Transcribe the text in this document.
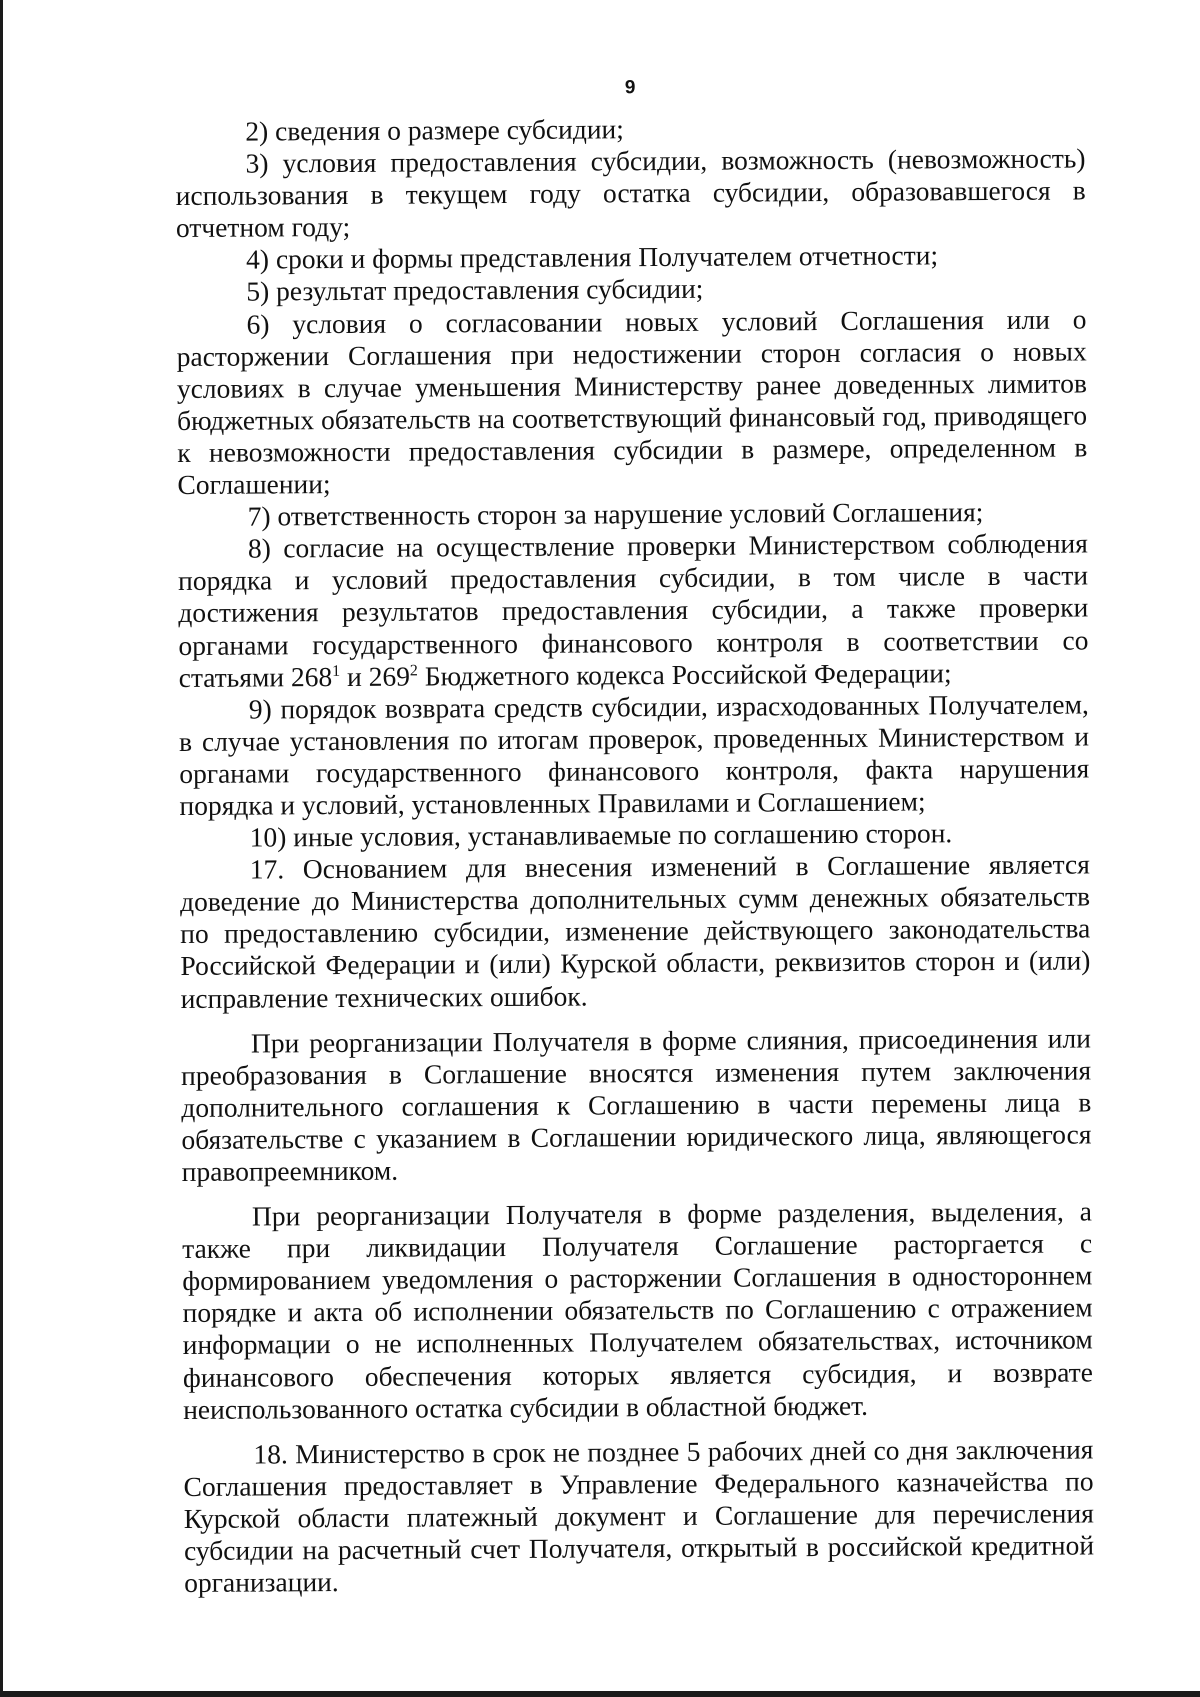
9

2) сведения о размере субсидии;

3) условия предоставления субсидии, возможность (невозможность) использования в текущем году остатка субсидии, образовавшегося в отчетном году;

4) сроки и формы представления Получателем отчетности;

5) результат предоставления субсидии;

6) условия о согласовании новых условий Соглашения или о расторжении Соглашения при недостижении сторон согласия о новых условиях в случае уменьшения Министерству ранее доведенных лимитов бюджетных обязательств на соответствующий финансовый год, приводящего к невозможности предоставления субсидии в размере, определенном в Соглашении;

7) ответственность сторон за нарушение условий Соглашения;

8) согласие на осуществление проверки Министерством соблюдения порядка и условий предоставления субсидии, в том числе в части достижения результатов предоставления субсидии, а также проверки органами государственного финансового контроля в соответствии со статьями $268^1$ и $269^2$ Бюджетного кодекса Российской Федерации;

9) порядок возврата средств субсидии, израсходованных Получателем, в случае установления по итогам проверок, проведенных Министерством и органами государственного финансового контроля, факта нарушения порядка и условий, установленных Правилами и Соглашением;

10) иные условия, устанавливаемые по соглашению сторон.

17. Основанием для внесения изменений в Соглашение является доведение до Министерства дополнительных сумм денежных обязательств по предоставлению субсидии, изменение действующего законодательства Российской Федерации и (или) Курской области, реквизитов сторон и (или) исправление технических ошибок.

При реорганизации Получателя в форме слияния, присоединения или преобразования в Соглашение вносятся изменения путем заключения дополнительного соглашения к Соглашению в части перемены лица в обязательстве с указанием в Соглашении юридического лица, являющегося правопреемником.

При реорганизации Получателя в форме разделения, выделения, а также при ликвидации Получателя Соглашение расторгается с формированием уведомления о расторжении Соглашения в одностороннем порядке и акта об исполнении обязательств по Соглашению с отражением информации о не исполненных Получателем обязательствах, источником финансового обеспечения которых является субсидия, и возврате неиспользованного остатка субсидии в областной бюджет.

18. Министерство в срок не позднее 5 рабочих дней со дня заключения Соглашения предоставляет в Управление Федерального казначейства по Курской области платежный документ и Соглашение для перечисления субсидии на расчетный счет Получателя, открытый в российской кредитной организации.
